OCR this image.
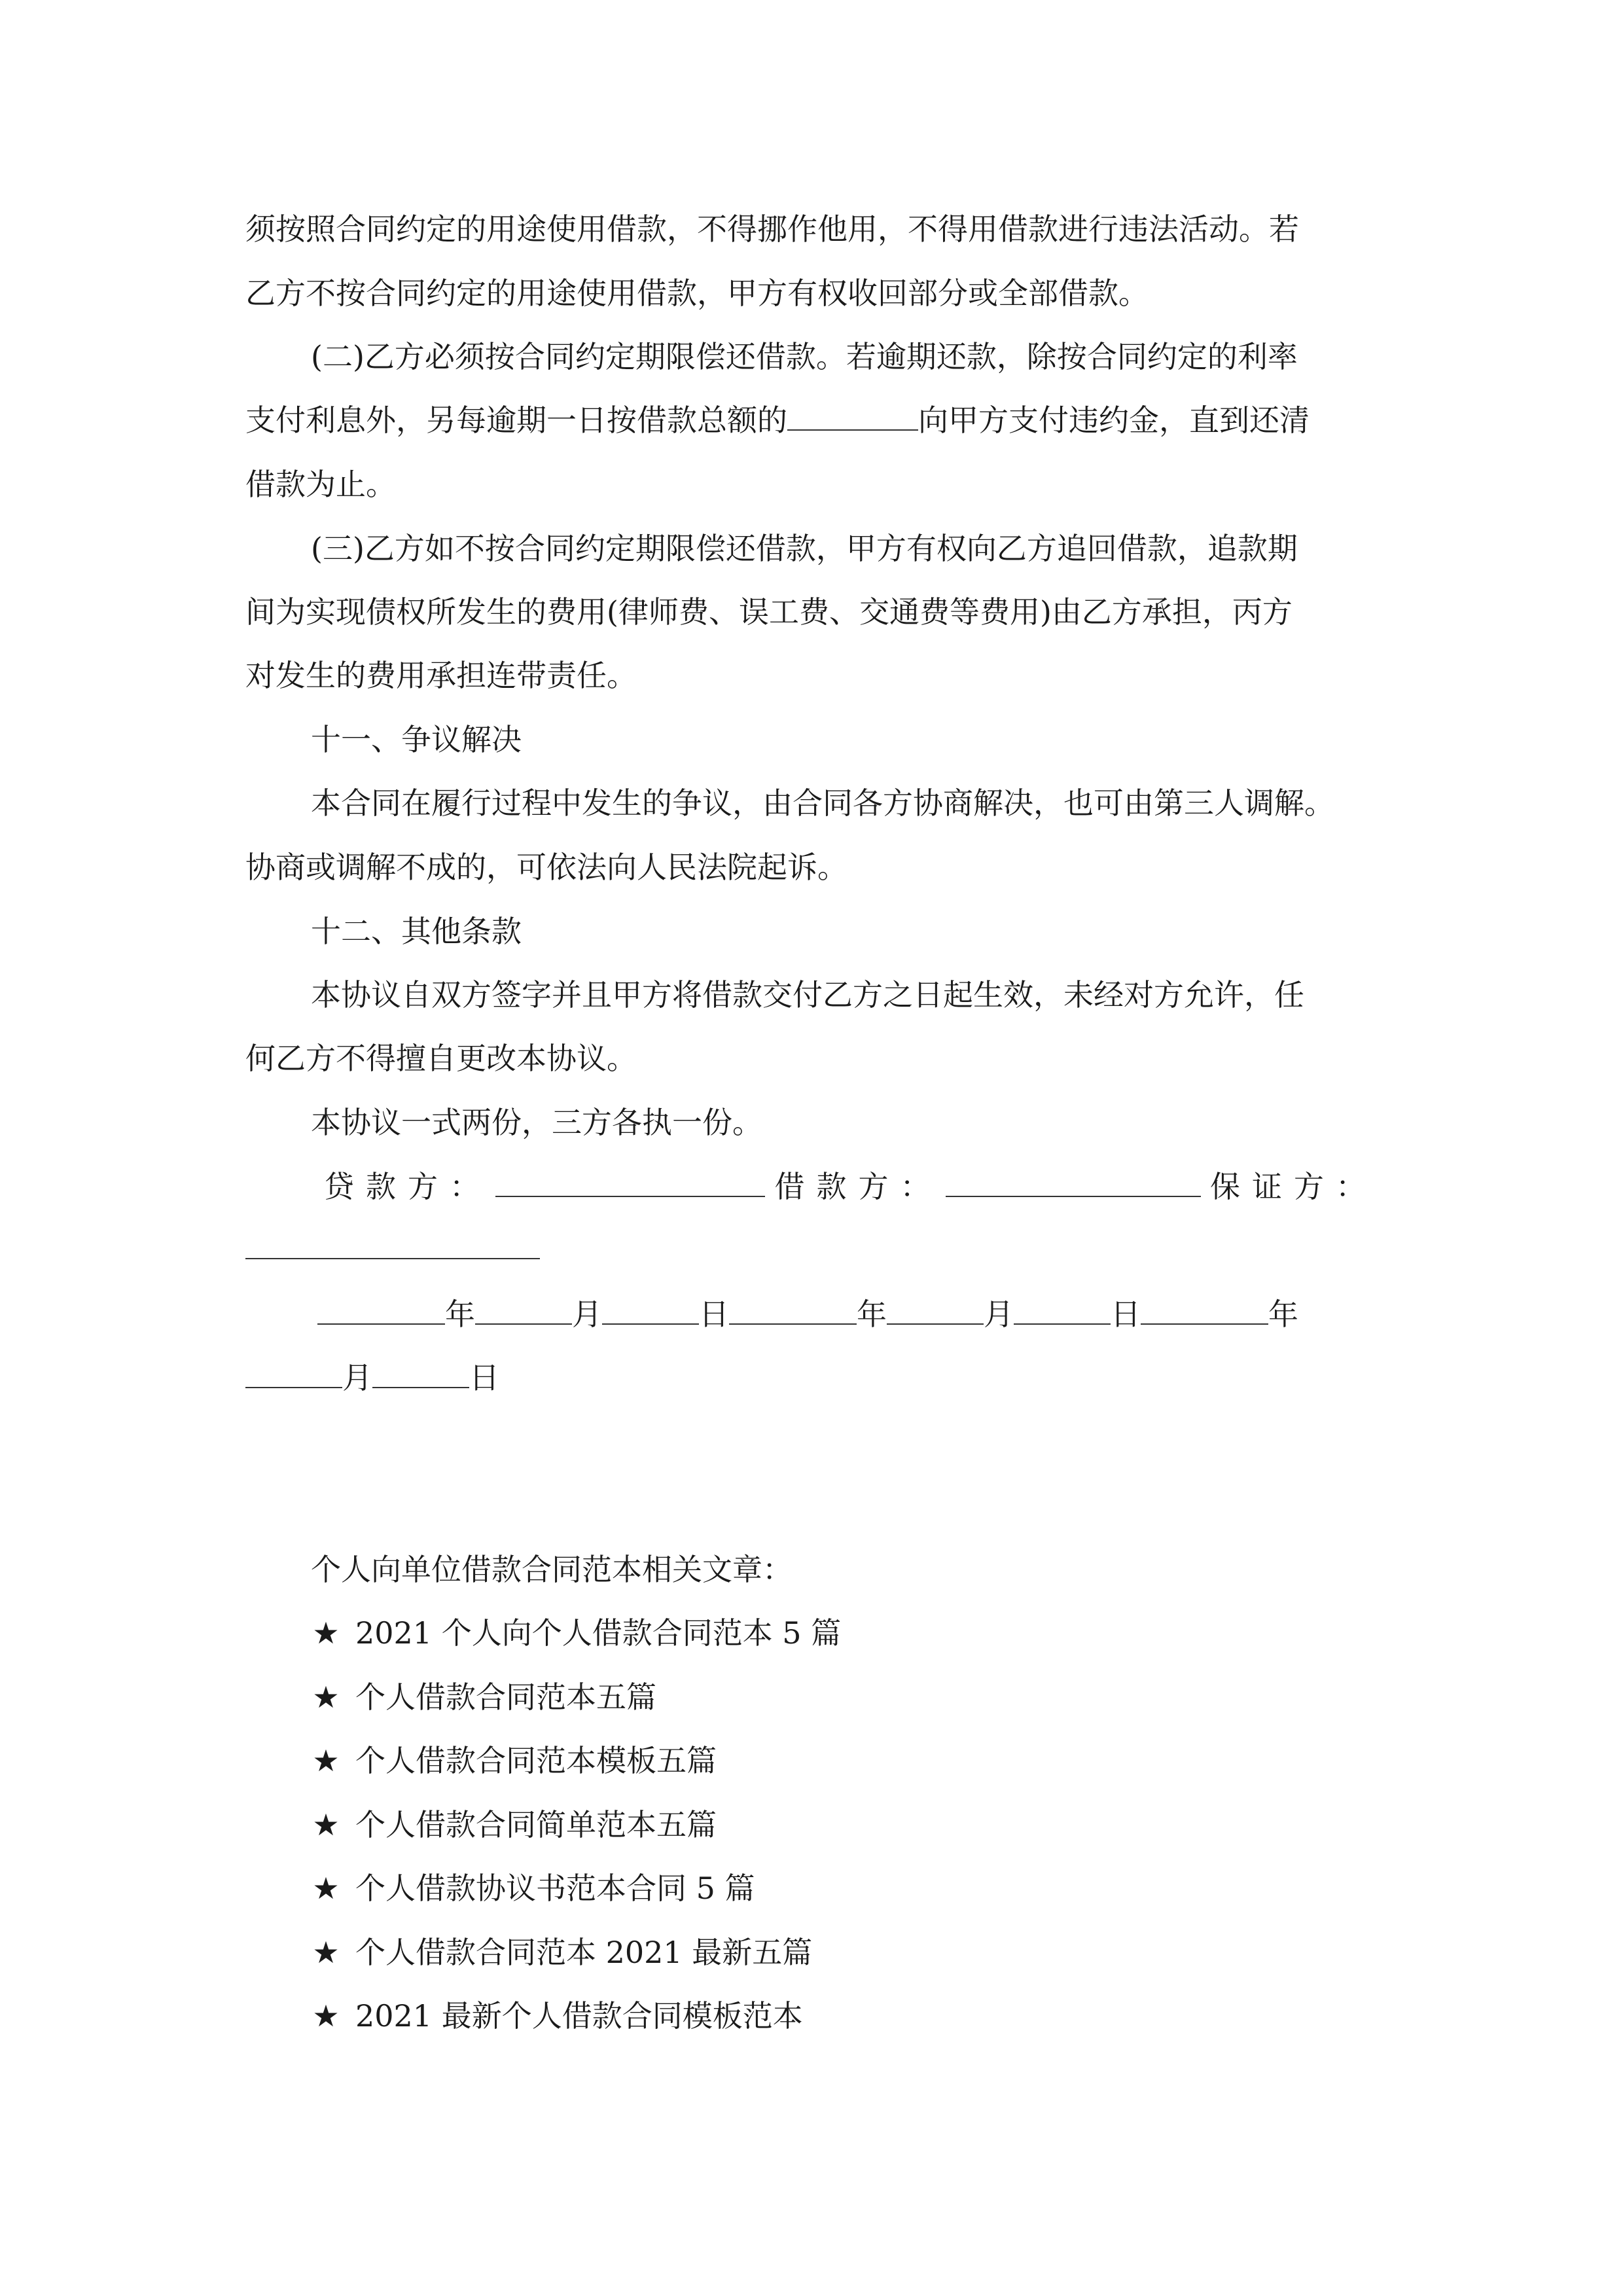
须按照合同约定的用途使用借款，不得挪作他用，不得用借款进行违法活动。若
乙方不按合同约定的用途使用借款，甲方有权收回部分或全部借款。
(二)乙方必须按合同约定期限偿还借款。若逾期还款，除按合同约定的利率
支付利息外，另每逾期一日按借款总额的	向甲方支付违约金，直到还清
借款为止。
(三)乙方如不按合同约定期限偿还借款，甲方有权向乙方追回借款，追款期
间为实现债权所发生的费用(律师费、误工费、交通费等费用)由乙方承担，丙方
对发生的费用承担连带责任。
十一、争议解决
本合同在履行过程中发生的争议，由合同各方协商解决，也可由第三人调解。
协商或调解不成的，可依法向人民法院起诉。
十二、其他条款
本协议自双方签字并且甲方将借款交付乙方之日起生效，未经对方允许，任
何乙方不得擅自更改本协议。
本协议一式两份，三方各执一份。
贷款方：	借款方：	保证方：
年	月	日	年	月	日	年
月	日
个人向单位借款合同范本相关文章：
★ 2021 个人向个人借款合同范本 5 篇
★ 个人借款合同范本五篇
★ 个人借款合同范本模板五篇
★ 个人借款合同简单范本五篇
★ 个人借款协议书范本合同 5 篇
★ 个人借款合同范本 2021 最新五篇
★ 2021 最新个人借款合同模板范本
